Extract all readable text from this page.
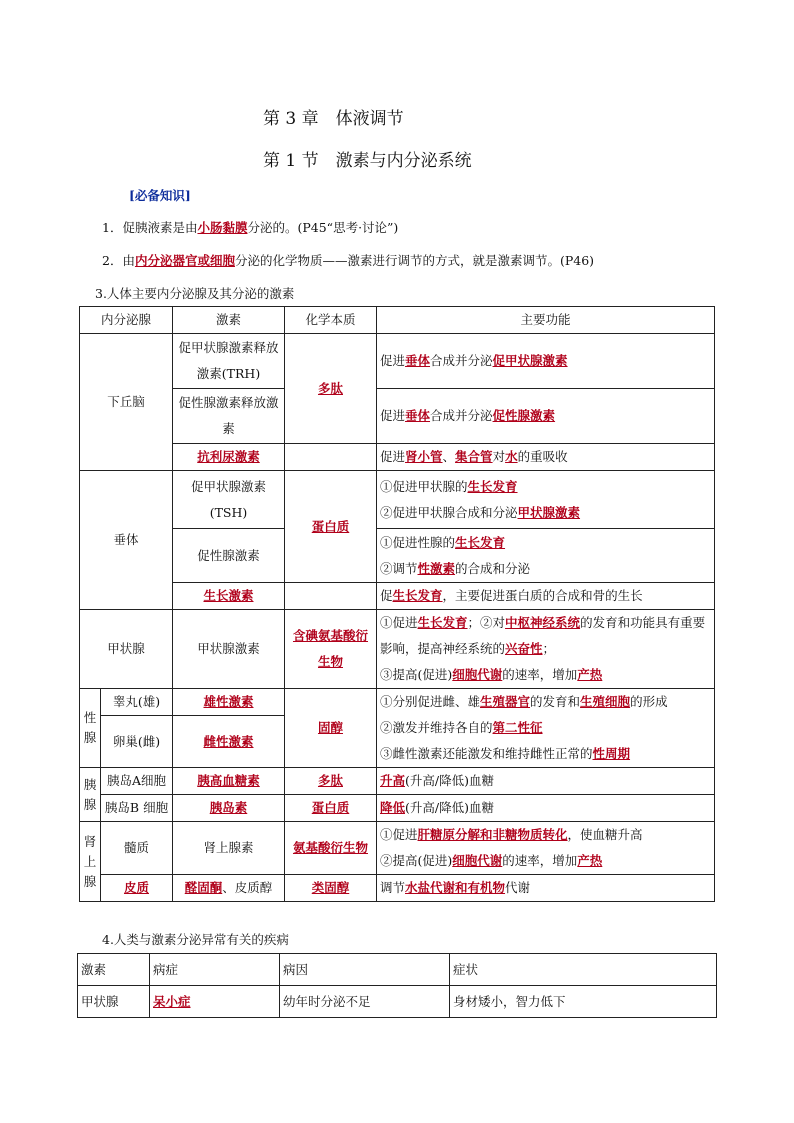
第 3 章　体液调节
第 1 节　激素与内分泌系统
[必备知识]
1．促胰液素是由小肠黏膜分泌的。(P45“思考·讨论”)
2．由内分泌器官或细胞分泌的化学物质——激素进行调节的方式，就是激素调节。(P46)
3.人体主要内分泌腺及其分泌的激素
内分泌腺		激素	化学本质	主要功能
下丘脑		促甲状腺激素释放激素(TRH)	多肽	促进垂体合成并分泌促甲状腺激素
		促性腺激素释放激素		促进垂体合成并分泌促性腺激素
		抗利尿激素		促进肾小管、集合管对水的重吸收
垂体		促甲状腺激素(TSH)	蛋白质	①促进甲状腺的生长发育
②促进甲状腺合成和分泌甲状腺激素

		促性腺激素		①促进性腺的生长发育
②调节性激素的合成和分泌

		生长激素		促生长发育，主要促进蛋白质的合成和骨的生长
甲状腺		甲状腺激素	含碘氨基酸衍生物	①促进生长发育；②对中枢神经系统的发育和功能具有重要影响，提高神经系统的兴奋性；
③提高(促进)细胞代谢的速率，增加产热

性腺	睾丸(雄)	雄性激素	固醇	①分别促进雌、雄生殖器官的发育和生殖细胞的形成
②激发并维持各自的第二性征
③雌性激素还能激发和维持雌性正常的性周期

	卵巢(雌)	雌性激素		
胰腺	胰岛A细胞	胰高血糖素	多肽	升高(升高/降低)血糖
	胰岛B 细胞	胰岛素	蛋白质	降低(升高/降低)血糖
肾上腺	髓质	肾上腺素	氨基酸衍生物	①促进肝糖原分解和非糖物质转化，使血糖升高
②提高(促进)细胞代谢的速率，增加产热

	皮质	醛固酮、皮质醇	类固醇	调节水盐代谢和有机物代谢
4.人类与激素分泌异常有关的疾病
激素	病症	病因	症状
甲状腺	呆小症	幼年时分泌不足	身材矮小，智力低下
